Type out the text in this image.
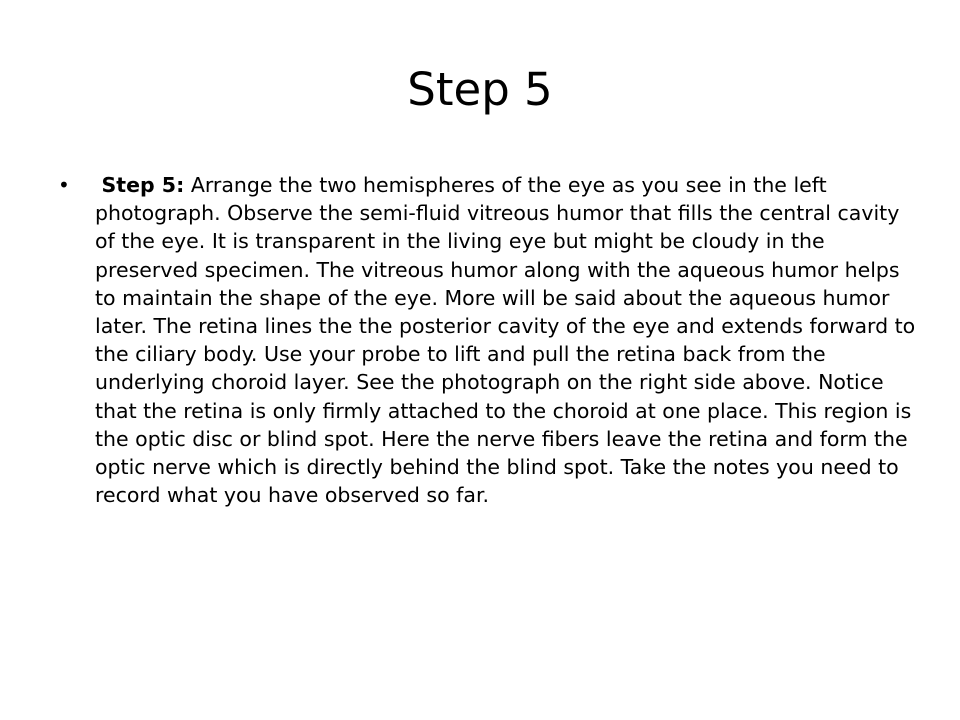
Step 5
• Step 5: Arrange the two hemispheres of the eye as you see in the left photograph. Observe the semi-fluid vitreous humor that fills the central cavity of the eye. It is transparent in the living eye but might be cloudy in the preserved specimen. The vitreous humor along with the aqueous humor helps to maintain the shape of the eye. More will be said about the aqueous humor later. The retina lines the the posterior cavity of the eye and extends forward to the ciliary body. Use your probe to lift and pull the retina back from the underlying choroid layer. See the photograph on the right side above. Notice that the retina is only firmly attached to the choroid at one place. This region is the optic disc or blind spot. Here the nerve fibers leave the retina and form the optic nerve which is directly behind the blind spot. Take the notes you need to record what you have observed so far.
